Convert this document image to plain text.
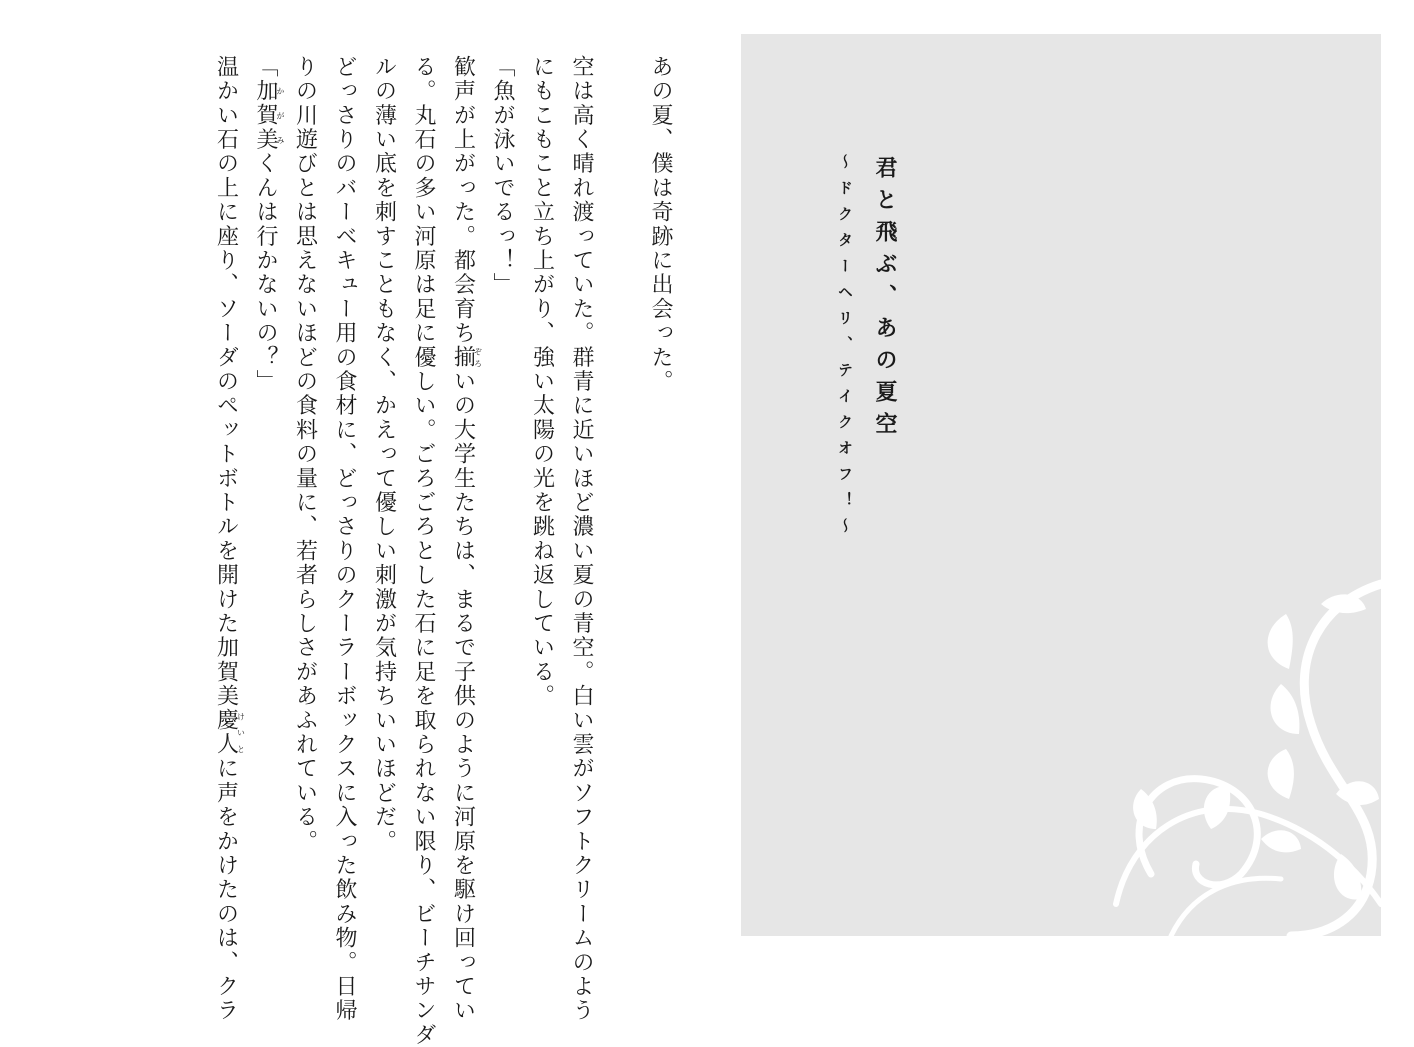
あの夏、僕は奇跡に出会った。
空は高く晴れ渡っていた。群青に近いほど濃い夏の青空。白い雲がソフトクリームのよう
にもこもこと立ち上がり、強い太陽の光を跳ね返している。
「魚が泳いでるっ！」
歓声が上がった。都会育ち揃ぞろいの大学生たちは、まるで子供のように河原を駆け回ってい
る。丸石の多い河原は足に優しい。ごろごろとした石に足を取られない限り、ビーチサンダ
ルの薄い底を刺すこともなく、かえって優しい刺激が気持ちいいほどだ。
どっさりのバーベキュー用の食材に、どっさりのクーラーボックスに入った飲み物。日帰
りの川遊びとは思えないほどの食料の量に、若者らしさがあふれている。
「加賀美かがみくんは行かないの？」
温かい石の上に座り、ソーダのペットボトルを開けた加賀美慶人けいとに声をかけたのは、クラ
君と飛ぶ、あの夏空
〜ドクターヘリ、テイクオフ！〜
